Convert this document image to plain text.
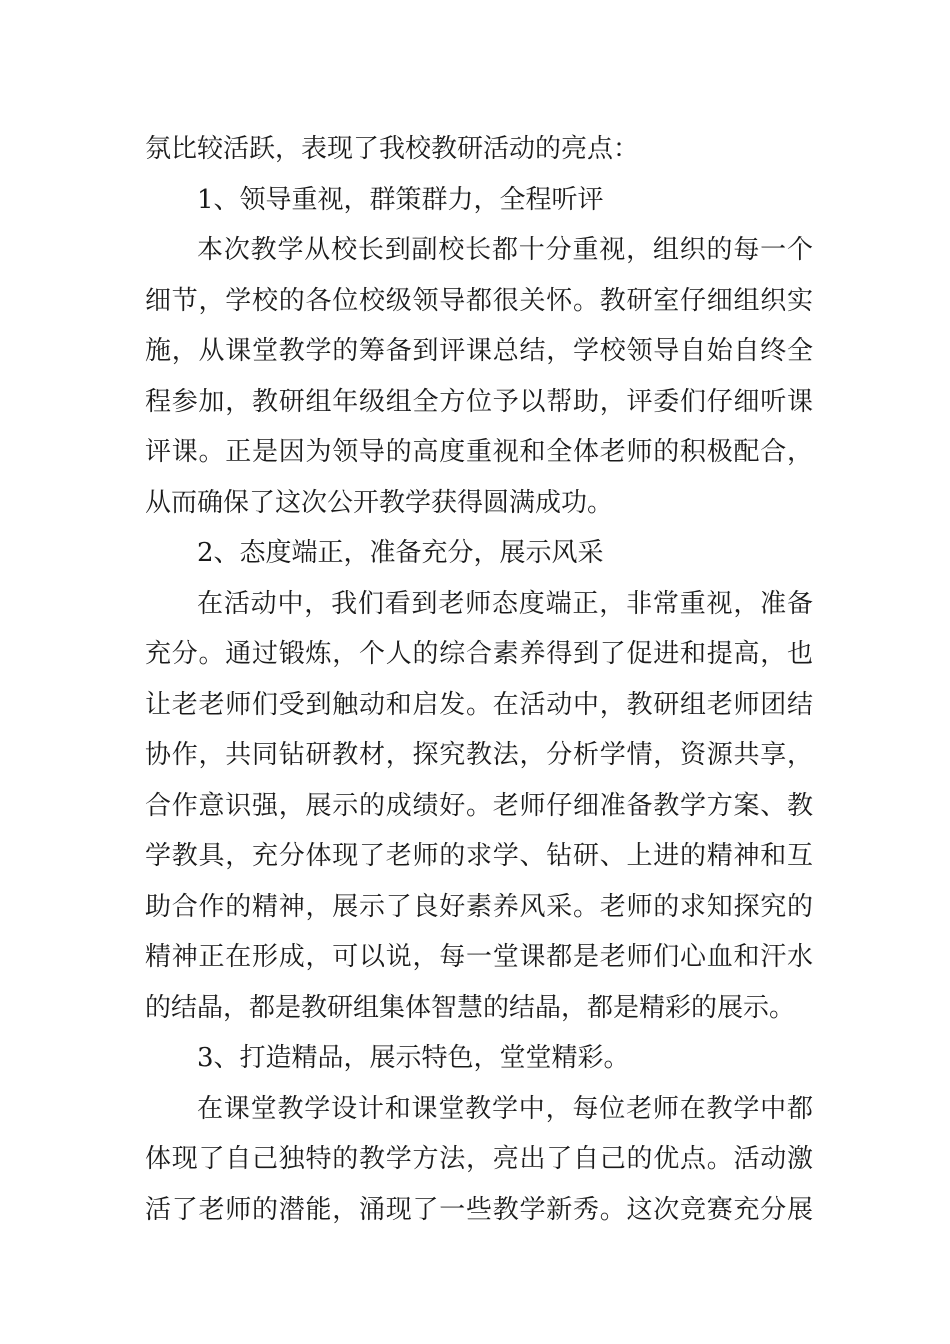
氛比较活跃，表现了我校教研活动的亮点：
1、领导重视，群策群力，全程听评
本次教学从校长到副校长都十分重视，组织的每一个
细节，学校的各位校级领导都很关怀。教研室仔细组织实
施，从课堂教学的筹备到评课总结，学校领导自始自终全
程参加，教研组年级组全方位予以帮助，评委们仔细听课
评课。正是因为领导的高度重视和全体老师的积极配合，
从而确保了这次公开教学获得圆满成功。
2、态度端正，准备充分，展示风采
在活动中，我们看到老师态度端正，非常重视，准备
充分。通过锻炼，个人的综合素养得到了促进和提高，也
让老老师们受到触动和启发。在活动中，教研组老师团结
协作，共同钻研教材，探究教法，分析学情，资源共享，
合作意识强，展示的成绩好。老师仔细准备教学方案、教
学教具，充分体现了老师的求学、钻研、上进的精神和互
助合作的精神，展示了良好素养风采。老师的求知探究的
精神正在形成，可以说，每一堂课都是老师们心血和汗水
的结晶，都是教研组集体智慧的结晶，都是精彩的展示。
3、打造精品，展示特色，堂堂精彩。
在课堂教学设计和课堂教学中，每位老师在教学中都
体现了自己独特的教学方法，亮出了自己的优点。活动激
活了老师的潜能，涌现了一些教学新秀。这次竞赛充分展
